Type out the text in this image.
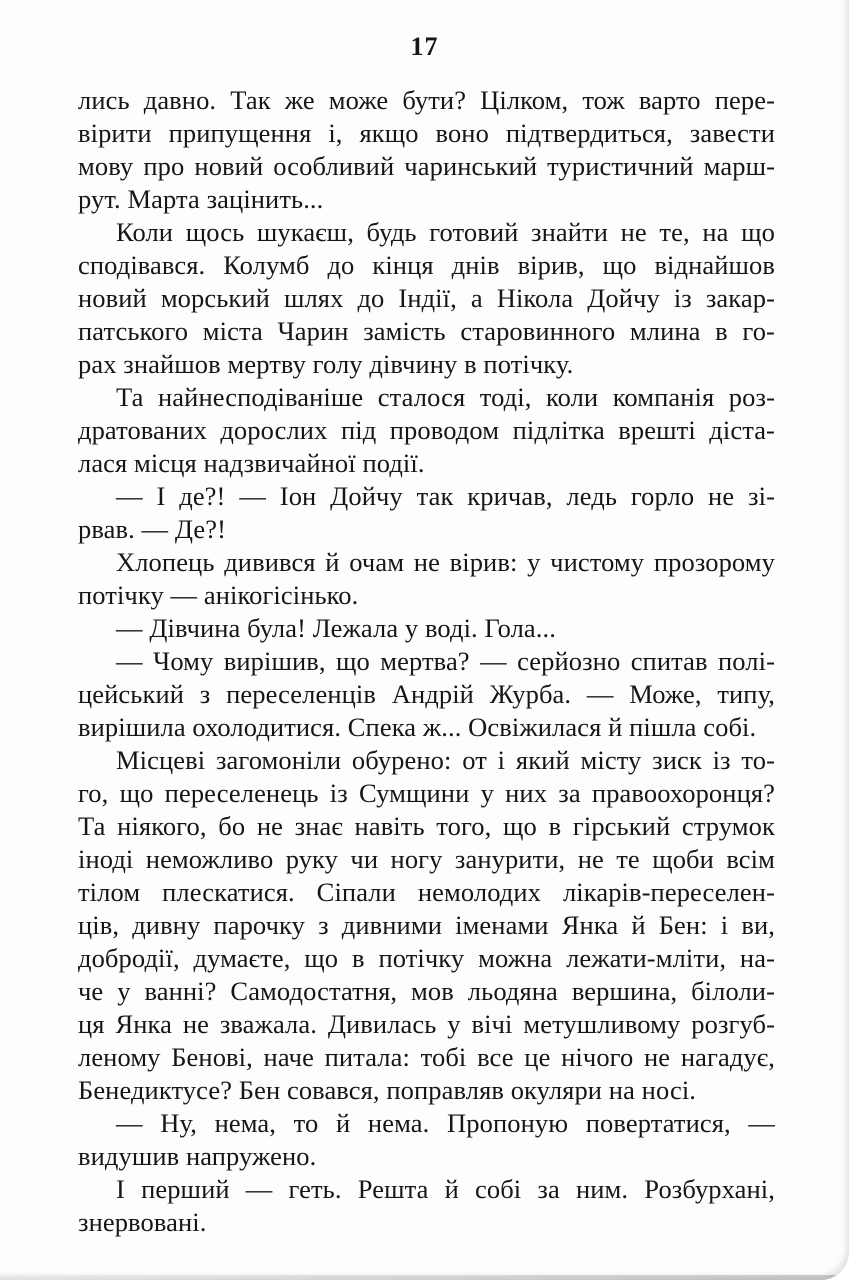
17
лись давно. Так же може бути? Цілком, тож варто пере-
вірити припущення і, якщо воно підтвердиться, завести
мову про новий особливий чаринський туристичний марш-
рут. Марта зацінить...
Коли щось шукаєш, будь готовий знайти не те, на що
сподівався. Колумб до кінця днів вірив, що віднайшов
новий морський шлях до Індії, а Нікола Дойчу із закар-
патського міста Чарин замість старовинного млина в го-
рах знайшов мертву голу дівчину в потічку.
Та найнесподіваніше сталося тоді, коли компанія роз-
дратованих дорослих під проводом підлітка врешті діста-
лася місця надзвичайної події.
— І де?! — Іон Дойчу так кричав, ледь горло не зі-
рвав. — Де?!
Хлопець дивився й очам не вірив: у чистому прозорому
потічку — анікогісінько.
— Дівчина була! Лежала у воді. Гола...
— Чому вирішив, що мертва? — серйозно спитав полі-
цейський з переселенців Андрій Журба. — Може, типу,
вирішила охолодитися. Спека ж... Освіжилася й пішла собі.
Місцеві загомоніли обурено: от і який місту зиск із то-
го, що переселенець із Сумщини у них за правоохоронця?
Та ніякого, бо не знає навіть того, що в гірський струмок
іноді неможливо руку чи ногу занурити, не те щоби всім
тілом плескатися. Сіпали немолодих лікарів-переселен-
ців, дивну парочку з дивними іменами Янка й Бен: і ви,
добродії, думаєте, що в потічку можна лежати-мліти, на-
че у ванні? Самодостатня, мов льодяна вершина, білоли-
ця Янка не зважала. Дивилась у вічі метушливому розгуб-
леному Бенові, наче питала: тобі все це нічого не нагадує,
Бенедиктусе? Бен совався, поправляв окуляри на носі.
— Ну, нема, то й нема. Пропоную повертатися, —
видушив напружено.
І перший — геть. Решта й собі за ним. Розбурхані,
знервовані.
